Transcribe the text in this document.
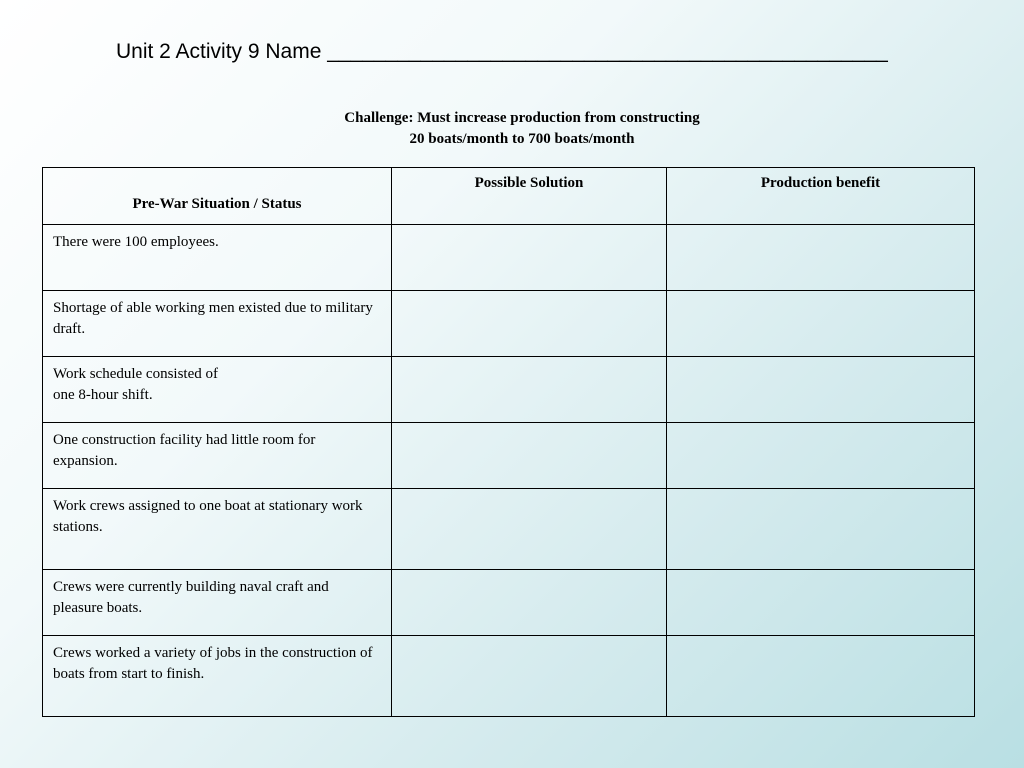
Unit 2 Activity 9 Name ________________________________________________
Challenge: Must increase production from constructing
20 boats/month to 700 boats/month
Pre-War Situation / Status	Possible Solution	Production benefit

There were 100 employees.		

Shortage of able working men existed due to military draft.		

Work schedule consisted of
one 8-hour shift.		

One construction facility had little room for expansion.		

Work crews assigned to one boat at stationary work stations.		

Crews were currently building naval craft and pleasure boats.		

Crews worked a variety of jobs in the construction of boats from start to finish.		
